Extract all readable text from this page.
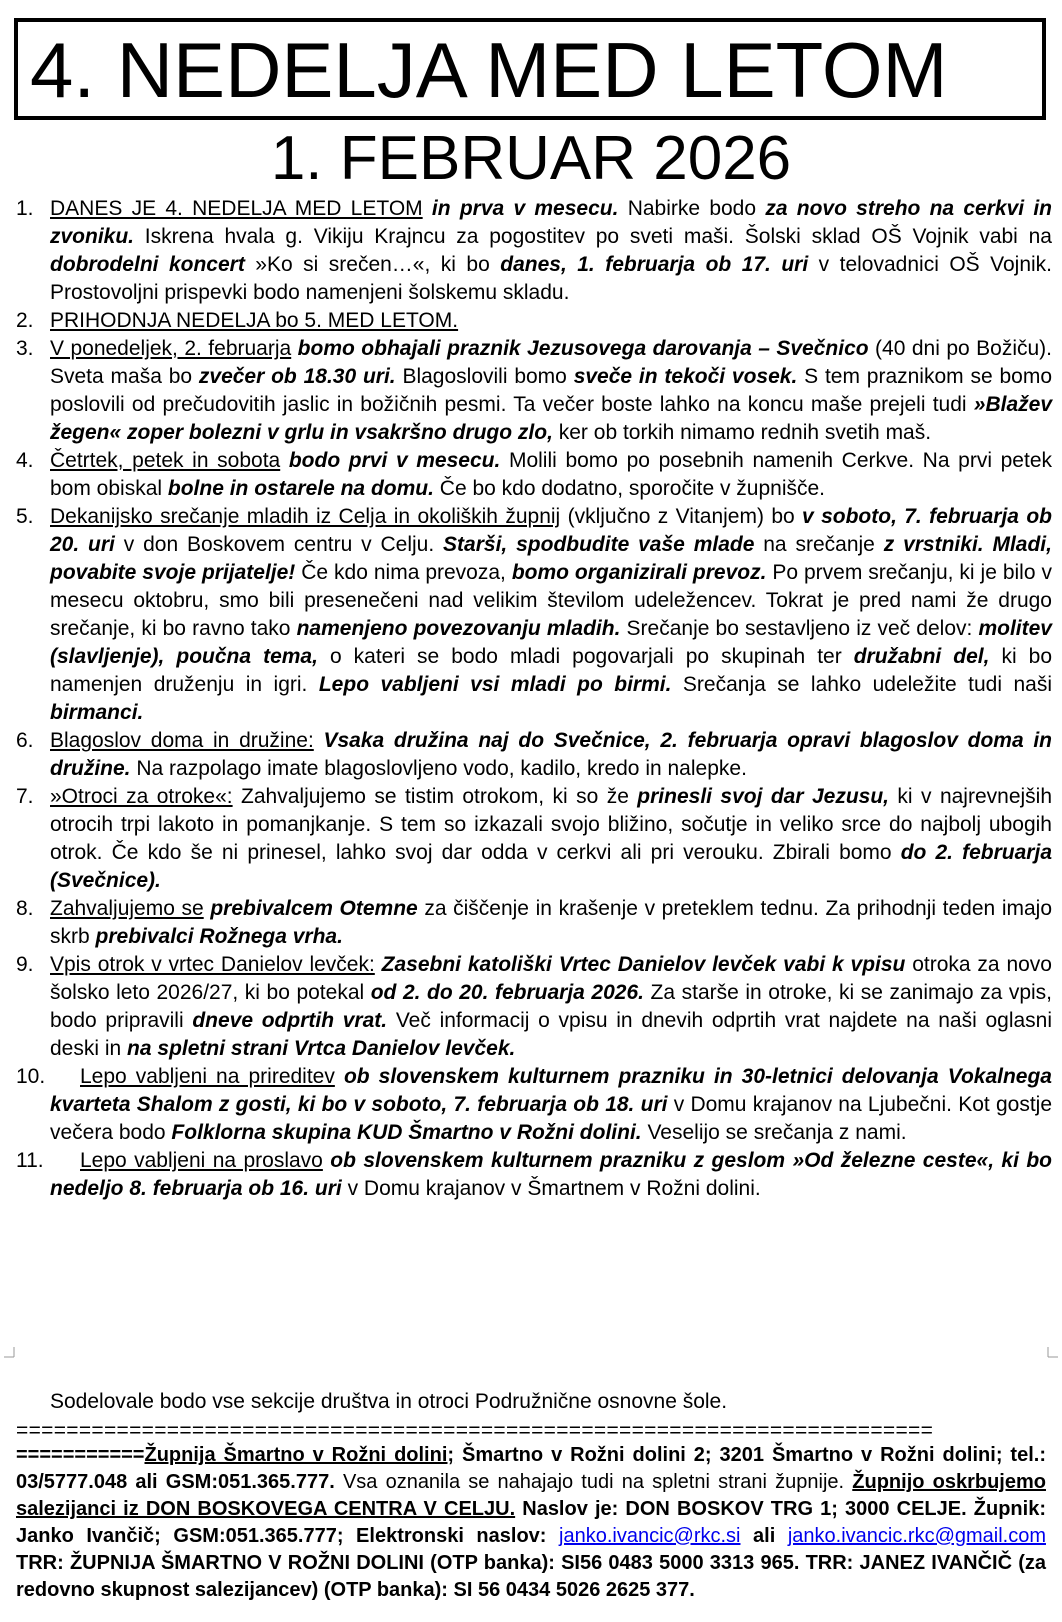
4. NEDELJA MED LETOM
1. FEBRUAR 2026
1. DANES JE 4. NEDELJA MED LETOM in prva v mesecu. Nabirke bodo za novo streho na cerkvi in zvoniku. Iskrena hvala g. Vikiju Krajncu za pogostitev po sveti maši. Šolski sklad OŠ Vojnik vabi na dobrodelni koncert »Ko si srečen…«, ki bo danes, 1. februarja ob 17. uri v telovadnici OŠ Vojnik. Prostovoljni prispevki bodo namenjeni šolskemu skladu.
2. PRIHODNJA NEDELJA bo 5. MED LETOM.
3. V ponedeljek, 2. februarja bomo obhajali praznik Jezusovega darovanja – Svečnico (40 dni po Božiču). Sveta maša bo zvečer ob 18.30 uri. Blagoslovili bomo sveče in tekoči vosek. S tem praznikom se bomo poslovili od prečudovitih jaslic in božičnih pesmi. Ta večer boste lahko na koncu maše prejeli tudi »Blažev žegen« zoper bolezni v grlu in vsakršno drugo zlo, ker ob torkih nimamo rednih svetih maš.
4. Četrtek, petek in sobota bodo prvi v mesecu. Molili bomo po posebnih namenih Cerkve. Na prvi petek bom obiskal bolne in ostarele na domu. Če bo kdo dodatno, sporočite v župnišče.
5. Dekanijsko srečanje mladih iz Celja in okoliških župnij (vključno z Vitanjem) bo v soboto, 7. februarja ob 20. uri v don Boskovem centru v Celju. Starši, spodbudite vaše mlade na srečanje z vrstniki. Mladi, povabite svoje prijatelje! Če kdo nima prevoza, bomo organizirali prevoz. Po prvem srečanju, ki je bilo v mesecu oktobru, smo bili presenečeni nad velikim številom udeležencev. Tokrat je pred nami že drugo srečanje, ki bo ravno tako namenjeno povezovanju mladih. Srečanje bo sestavljeno iz več delov: molitev (slavljenje), poučna tema, o kateri se bodo mladi pogovarjali po skupinah ter družabni del, ki bo namenjen druženju in igri. Lepo vabljeni vsi mladi po birmi. Srečanja se lahko udeležite tudi naši birmanci.
6. Blagoslov doma in družine: Vsaka družina naj do Svečnice, 2. februarja opravi blagoslov doma in družine. Na razpolago imate blagoslovljeno vodo, kadilo, kredo in nalepke.
7. »Otroci za otroke«: Zahvaljujemo se tistim otrokom, ki so že prinesli svoj dar Jezusu, ki v najrevnejših otrocih trpi lakoto in pomanjkanje. S tem so izkazali svojo bližino, sočutje in veliko srce do najbolj ubogih otrok. Če kdo še ni prinesel, lahko svoj dar odda v cerkvi ali pri verouku. Zbirali bomo do 2. februarja (Svečnice).
8. Zahvaljujemo se prebivalcem Otemne za čiščenje in krašenje v preteklem tednu. Za prihodnji teden imajo skrb prebivalci Rožnega vrha.
9. Vpis otrok v vrtec Danielov levček: Zasebni katoliški Vrtec Danielov levček vabi k vpisu otroka za novo šolsko leto 2026/27, ki bo potekal od 2. do 20. februarja 2026. Za starše in otroke, ki se zanimajo za vpis, bodo pripravili dneve odprtih vrat. Več informacij o vpisu in dnevih odprtih vrat najdete na naši oglasni deski in na spletni strani Vrtca Danielov levček.
10.	Lepo vabljeni na prireditev ob slovenskem kulturnem prazniku in 30-letnici delovanja Vokalnega kvarteta Shalom z gosti, ki bo v soboto, 7. februarja ob 18. uri v Domu krajanov na Ljubečni. Kot gostje večera bodo Folklorna skupina KUD Šmartno v Rožni dolini. Veselijo se srečanja z nami.
11.	Lepo vabljeni na proslavo ob slovenskem kulturnem prazniku z geslom »Od železne ceste«, ki bo nedeljo 8. februarja ob 16. uri v Domu krajanov v Šmartnem v Rožni dolini.
Sodelovale bodo vse sekcije društva in otroci Podružnične osnovne šole.
=========================================================================
===========Župnija Šmartno v Rožni dolini; Šmartno v Rožni dolini 2; 3201 Šmartno v Rožni dolini; tel.: 03/5777.048 ali GSM:051.365.777. Vsa oznanila se nahajajo tudi na spletni strani župnije. Župnijo oskrbujemo salezijanci iz DON BOSKOVEGA CENTRA V CELJU. Naslov je: DON BOSKOV TRG 1; 3000 CELJE. Župnik: Janko Ivančič; GSM:051.365.777; Elektronski naslov: janko.ivancic@rkc.si ali janko.ivancic.rkc@gmail.com TRR: ŽUPNIJA ŠMARTNO V ROŽNI DOLINI (OTP banka): SI56 0483 5000 3313 965. TRR: JANEZ IVANČIČ (za redovno skupnost salezijancev) (OTP banka): SI 56 0434 5026 2625 377.
